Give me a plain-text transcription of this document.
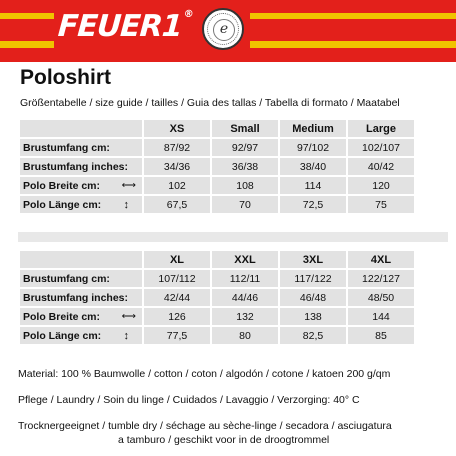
FEUER1®
e
Poloshirt
Größentabelle / size guide / tailles / Guia des tallas / Tabella di formato / Maatabel
	XS	Small	Medium	Large
Brustumfang cm:	87/92	92/97	97/102	102/107
Brustumfang inches:	34/36	36/38	38/40	40/42
Polo Breite cm: ⟷	102	108	114	120
Polo Länge cm: ↕	67,5	70	72,5	75
	XL	XXL	3XL	4XL
Brustumfang cm:	107/112	112/11	117/122	122/127
Brustumfang inches:	42/44	44/46	46/48	48/50
Polo Breite cm: ⟷	126	132	138	144
Polo Länge cm: ↕	77,5	80	82,5	85
Material: 100 % Baumwolle / cotton / coton / algodón / cotone / katoen 200 g/qm
Pflege / Laundry / Soin du linge / Cuidados / Lavaggio / Verzorging: 40° C
Trocknergeeignet / tumble dry / séchage au sèche-linge / secadora / asciugatura
a tamburo / geschikt voor in de droogtrommel
